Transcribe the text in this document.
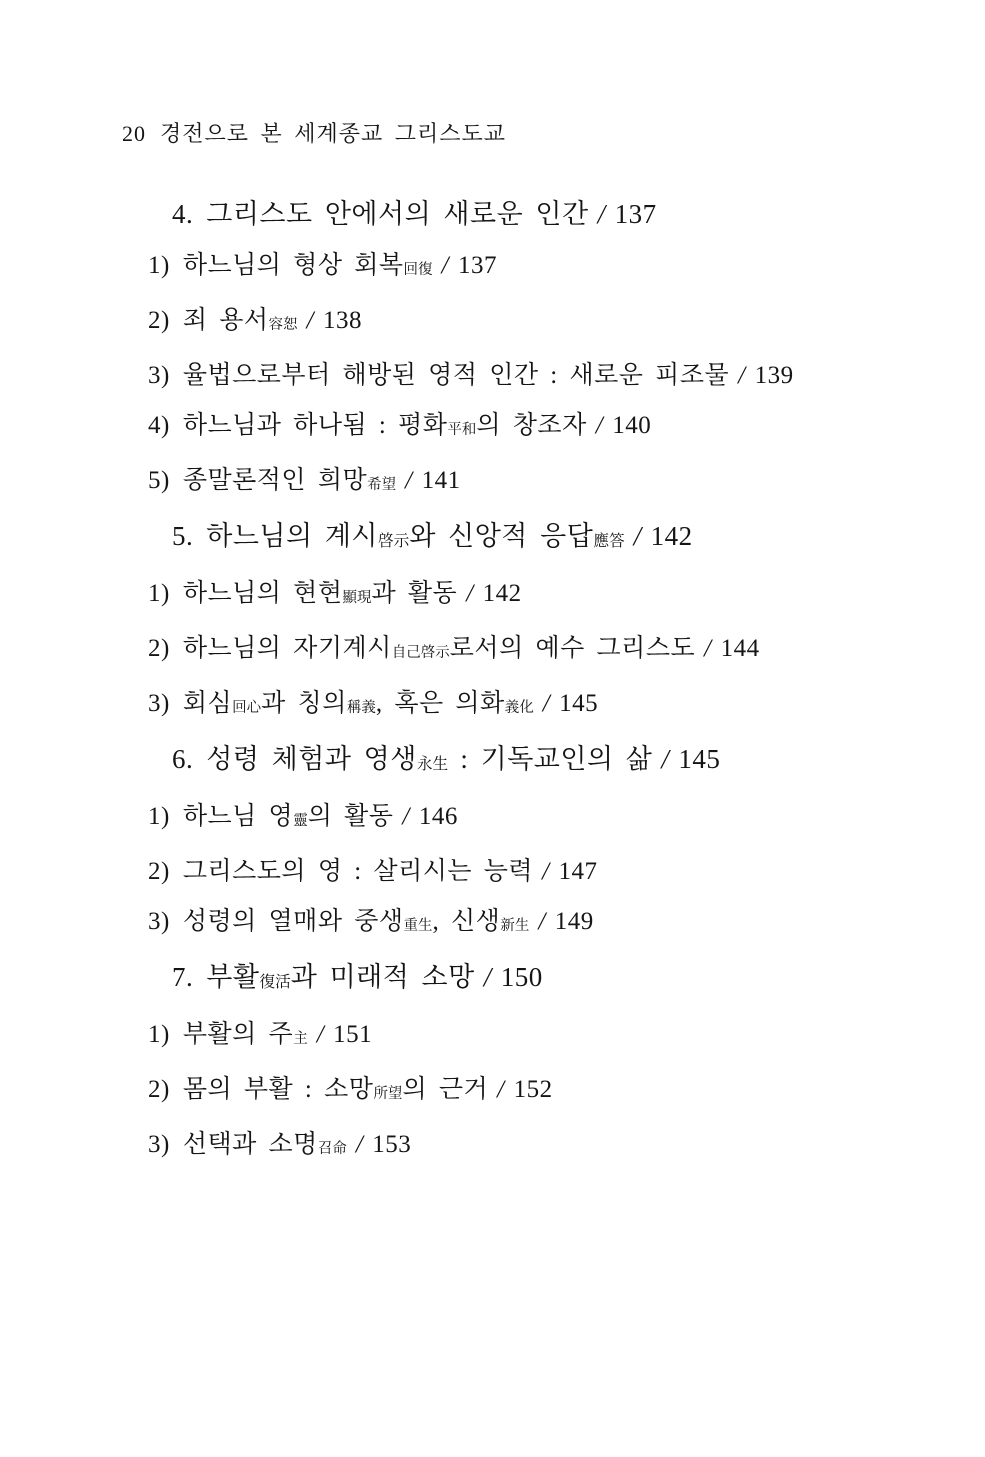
20 경전으로 본 세계종교 그리스도교
4. 그리스도 안에서의 새로운 인간 / 137
1) 하느님의 형상 회복回復 / 137
2) 죄 용서容恕 / 138
3) 율법으로부터 해방된 영적 인간 : 새로운 피조물 / 139
4) 하느님과 하나됨 : 평화平和의 창조자 / 140
5) 종말론적인 희망希望 / 141
5. 하느님의 계시啓示와 신앙적 응답應答 / 142
1) 하느님의 현현顯現과 활동 / 142
2) 하느님의 자기계시自己啓示로서의 예수 그리스도 / 144
3) 회심回心과 칭의稱義, 혹은 의화義化 / 145
6. 성령 체험과 영생永生 : 기독교인의 삶 / 145
1) 하느님 영靈의 활동 / 146
2) 그리스도의 영 : 살리시는 능력 / 147
3) 성령의 열매와 중생重生, 신생新生 / 149
7. 부활復活과 미래적 소망 / 150
1) 부활의 주主 / 151
2) 몸의 부활 : 소망所望의 근거 / 152
3) 선택과 소명召命 / 153
